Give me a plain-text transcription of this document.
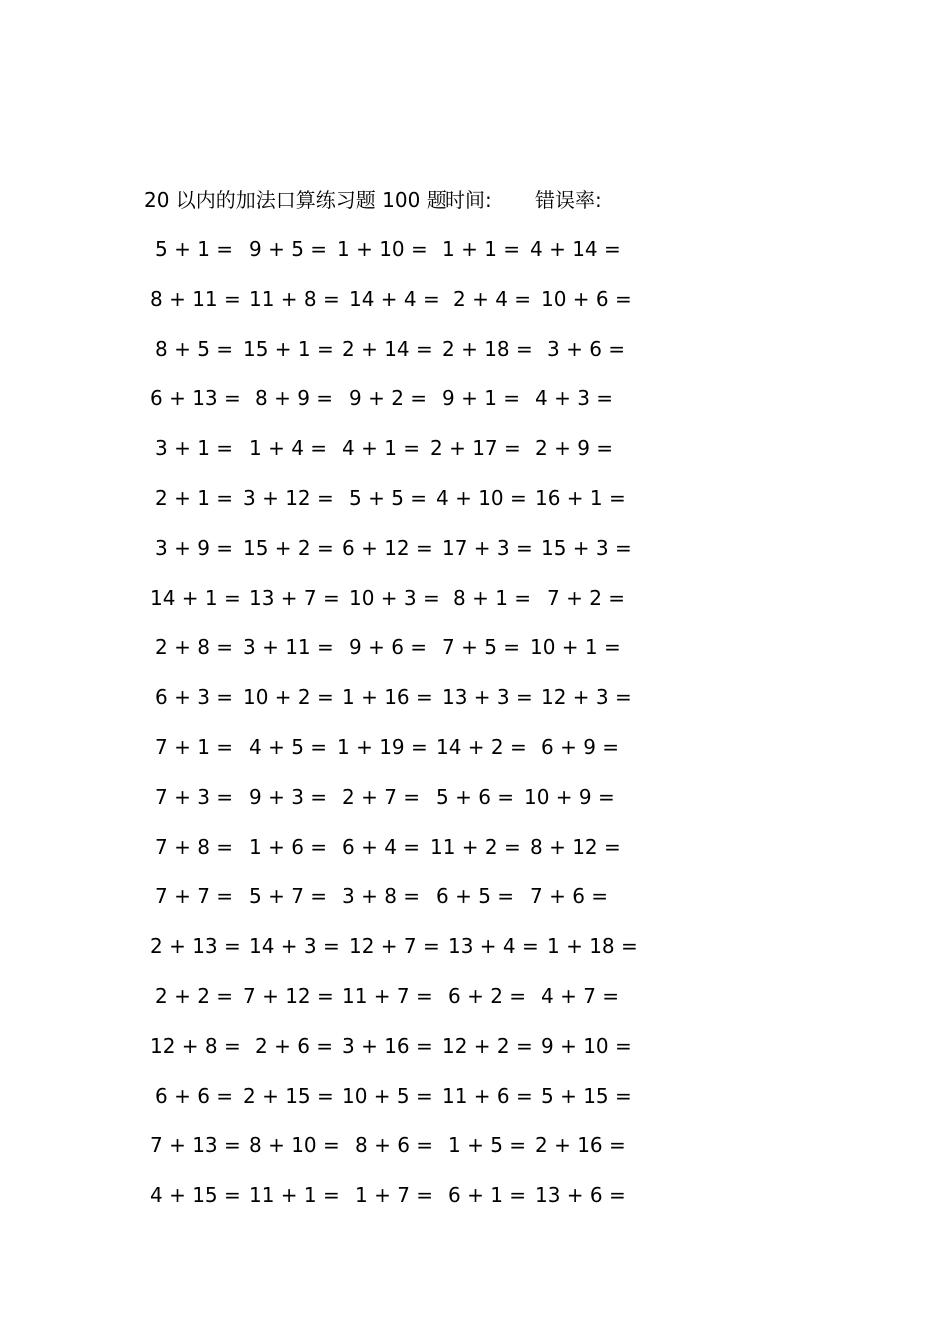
20 以内的加法口算练习题 100 题
时间: 错误率:
5 + 1 = 9 + 5 = 1 + 10 = 1 + 1 = 4 + 14 =
8 + 11 = 11 + 8 = 14 + 4 = 2 + 4 = 10 + 6 =
8 + 5 = 15 + 1 = 2 + 14 = 2 + 18 = 3 + 6 =
6 + 13 = 8 + 9 = 9 + 2 = 9 + 1 = 4 + 3 =
3 + 1 = 1 + 4 = 4 + 1 = 2 + 17 = 2 + 9 =
2 + 1 = 3 + 12 = 5 + 5 = 4 + 10 = 16 + 1 =
3 + 9 = 15 + 2 = 6 + 12 = 17 + 3 = 15 + 3 =
14 + 1 = 13 + 7 = 10 + 3 = 8 + 1 = 7 + 2 =
2 + 8 = 3 + 11 = 9 + 6 = 7 + 5 = 10 + 1 =
6 + 3 = 10 + 2 = 1 + 16 = 13 + 3 = 12 + 3 =
7 + 1 = 4 + 5 = 1 + 19 = 14 + 2 = 6 + 9 =
7 + 3 = 9 + 3 = 2 + 7 = 5 + 6 = 10 + 9 =
7 + 8 = 1 + 6 = 6 + 4 = 11 + 2 = 8 + 12 =
7 + 7 = 5 + 7 = 3 + 8 = 6 + 5 = 7 + 6 =
2 + 13 = 14 + 3 = 12 + 7 = 13 + 4 = 1 + 18 =
2 + 2 = 7 + 12 = 11 + 7 = 6 + 2 = 4 + 7 =
12 + 8 = 2 + 6 = 3 + 16 = 12 + 2 = 9 + 10 =
6 + 6 = 2 + 15 = 10 + 5 = 11 + 6 = 5 + 15 =
7 + 13 = 8 + 10 = 8 + 6 = 1 + 5 = 2 + 16 =
4 + 15 = 11 + 1 = 1 + 7 = 6 + 1 = 13 + 6 =
